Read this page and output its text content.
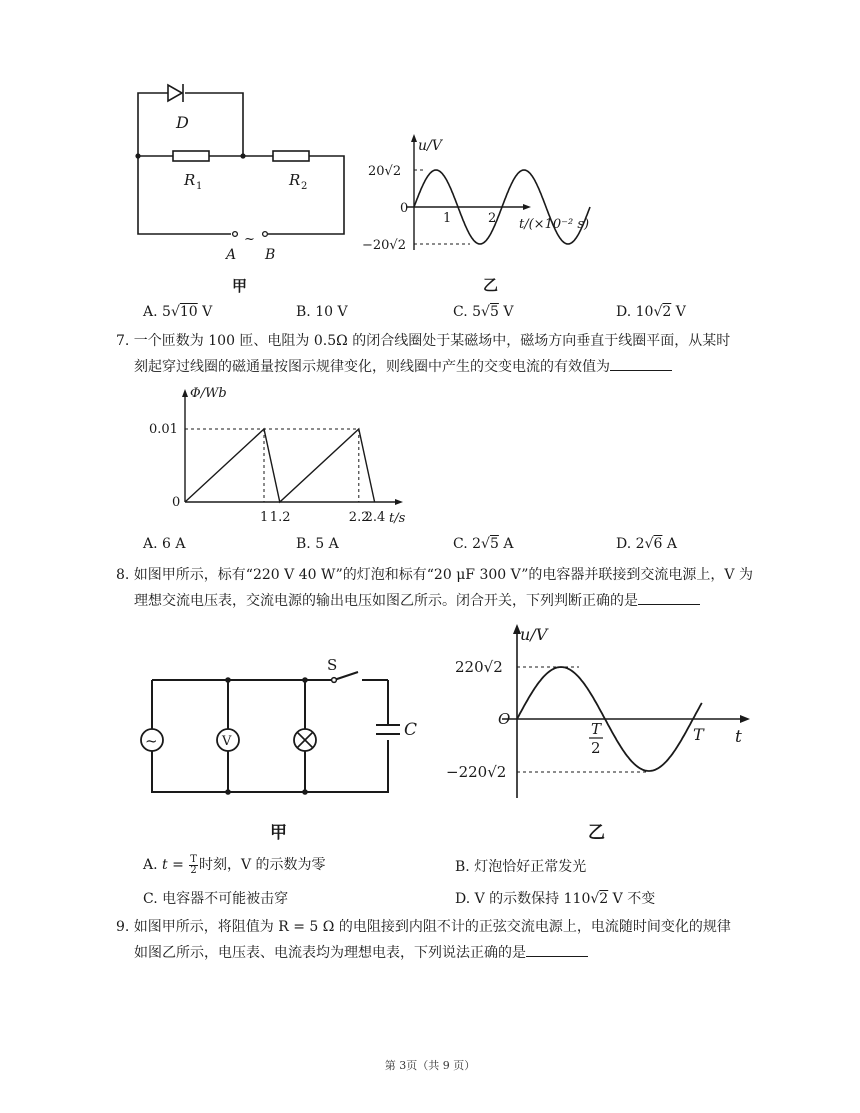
D
R 1	R 2
A
~
B
甲
u/V
20√2
0
−20√2
1	2 t/(×10⁻² s)
乙
A. 5√10 V	B. 10 V	C. 5√5 V	D. 10√2 V
7. 一个匝数为 100 匝、电阻为 0.5Ω 的闭合线圈处于某磁场中，磁场方向垂直于线圈平面，从某时
刻起穿过线圈的磁通量按图示规律变化，则线圈中产生的交变电流的有效值为
Φ/Wb
0.01
0
1 1.2	2.2
2.4 t/s
A. 6 A	B. 5 A	C. 2√5 A	D. 2√6 A
8. 如图甲所示，标有“220 V 40 W”的灯泡和标有“20 μF 300 V”的电容器并联接到交流电源上，V 为
理想交流电压表，交流电源的输出电压如图乙所示。闭合开关，下列判断正确的是
~	V
S
C
甲
u/V
220√2
O
−220√2
T
2
T t
乙
A. $t = \frac{T}{2}$ 时刻，V 的示数为零	B. 灯泡恰好正常发光
C. 电容器不可能被击穿	D. V 的示数保持 110√2 V 不变
9. 如图甲所示，将阻值为 R = 5 Ω 的电阻接到内阻不计的正弦交流电源上，电流随时间变化的规律
如图乙所示，电压表、电流表均为理想电表，下列说法正确的是
第 3页（共 9 页）
